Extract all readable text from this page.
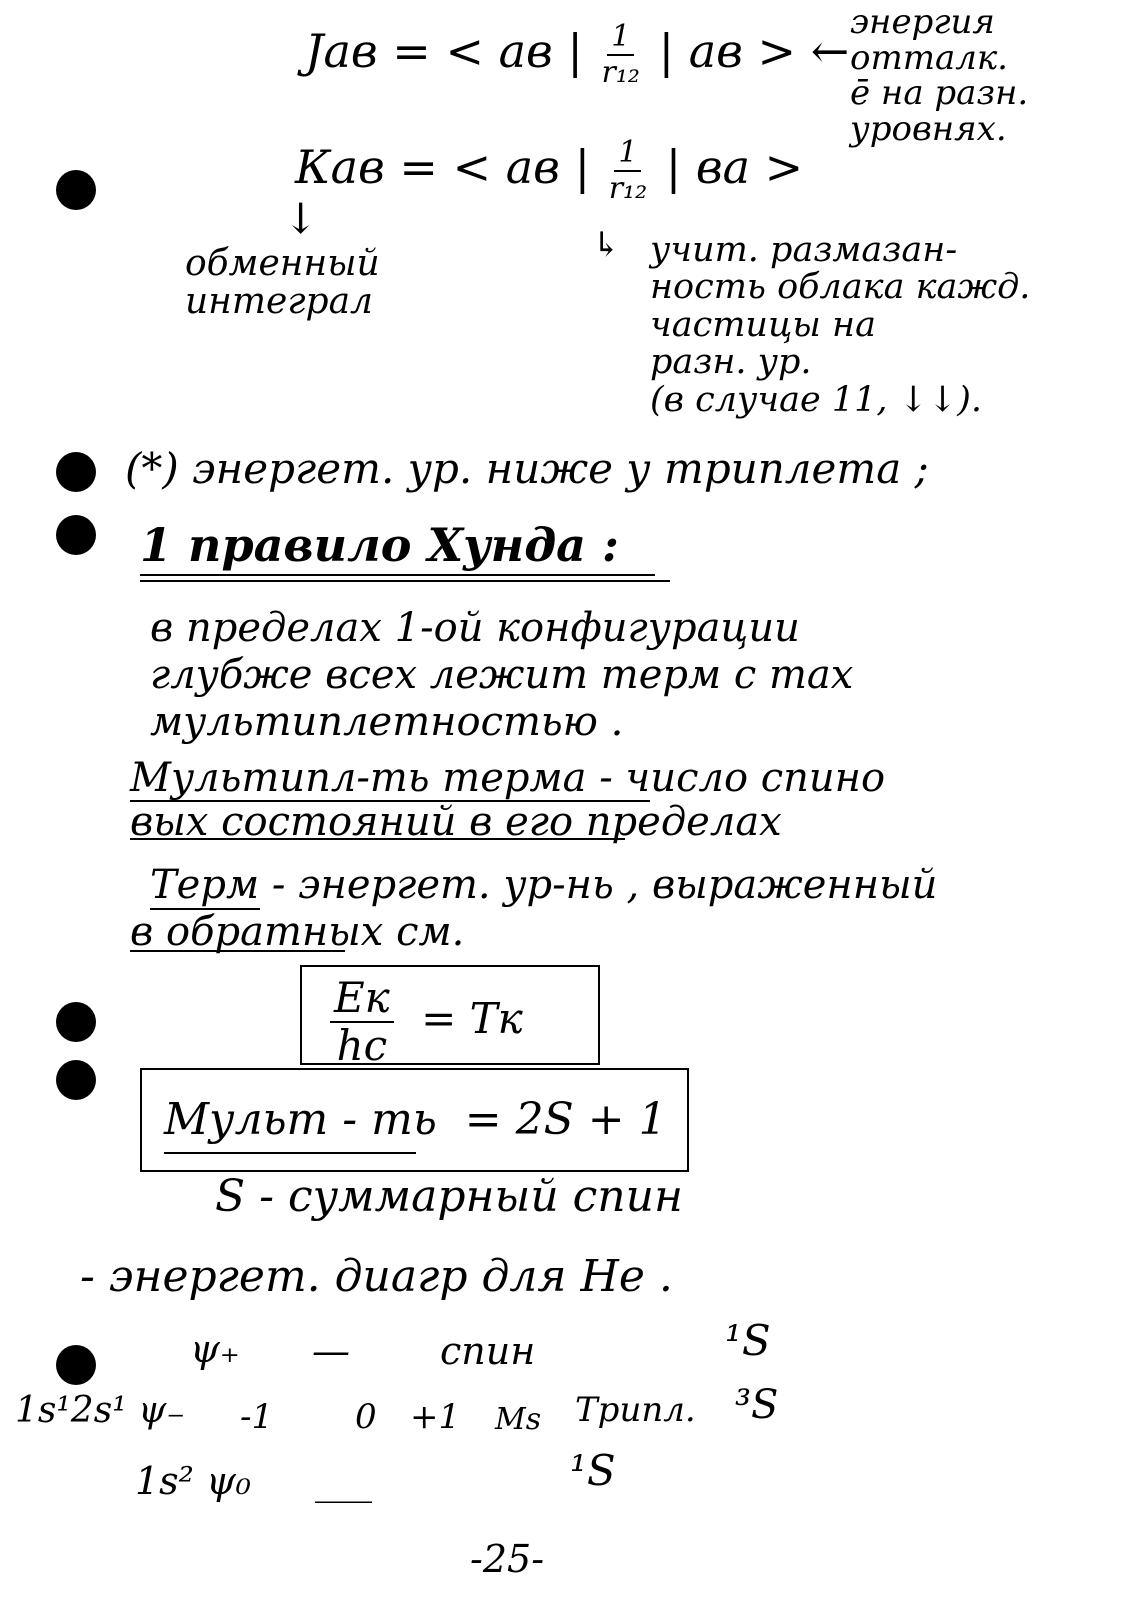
Jав = < ав | $\frac{1}{\text{r₁₂}}$ | ав > ←
энергия
отталк.
ē на разн.
уровнях.
Кав = < ав | $\frac{1}{\text{r₁₂}}$ | ва >
↓
обменный
интеграл
↳ учит. размазан-
ность облака кажд.
частицы на
разн. ур.
(в случае 11, ↓↓).
(*) энергет. ур. ниже у триплета ;
1 правило Хунда :
в пределах 1-ой конфигурации
глубже всех лежит терм с max
мультиплетностью .
Мультипл-ть терма - число спино
вых состояний в его пределах
Терм - энергет. ур-нь , выраженный
в обратных см.
$\frac{Eк}{hc}$ = Tк
Мульт - ть = 2S + 1
S - суммарный спин
- энергет. диагр для He .
ψ₊ — спин	¹S
1s¹2s¹ ψ₋ -1 0 +1 Ms Трипл. ³S
1s² ψ₀ ___	¹S
-25-
